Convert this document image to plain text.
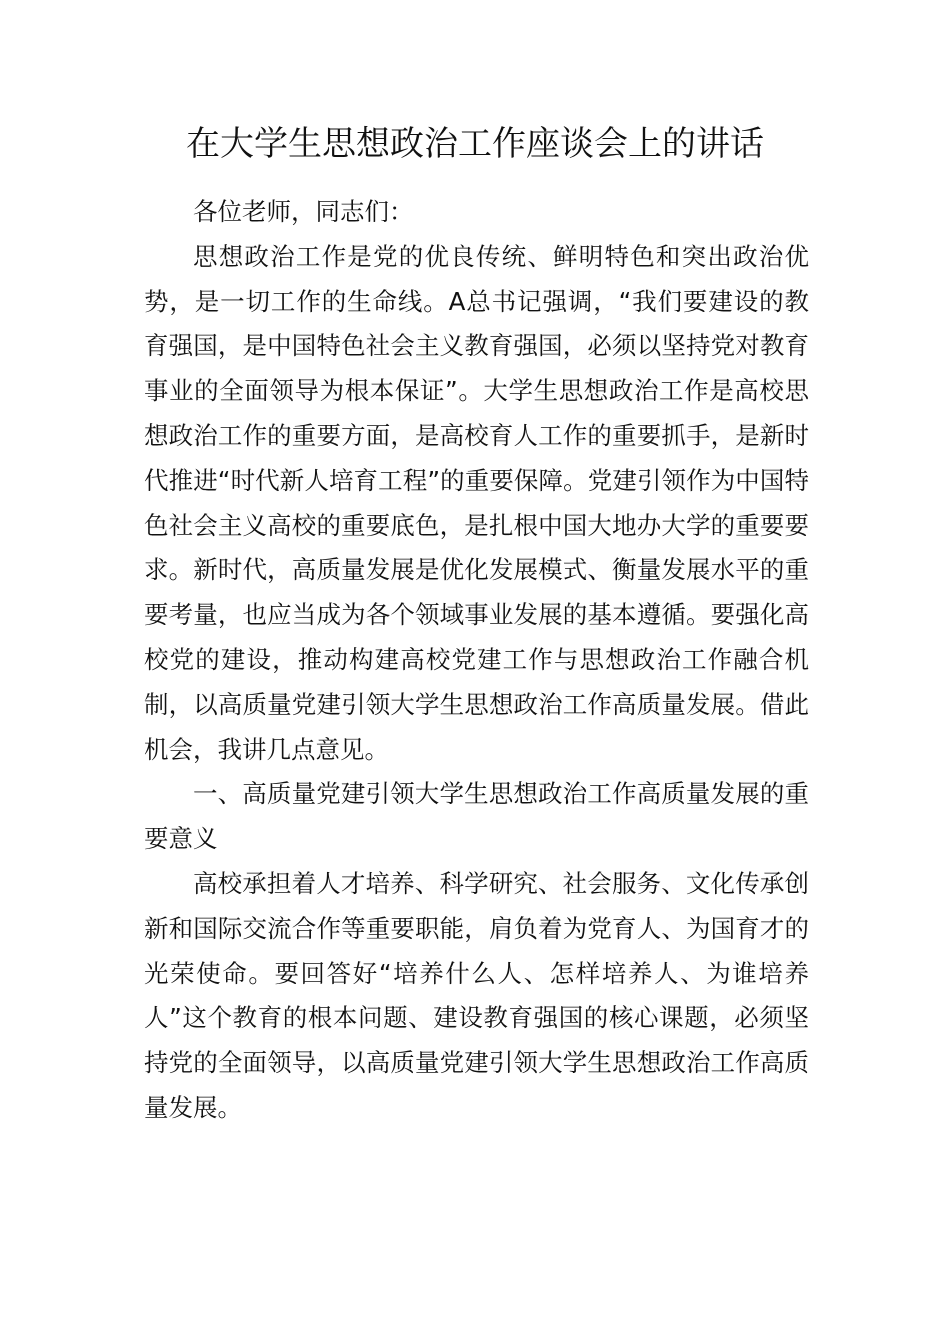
在大学生思想政治工作座谈会上的讲话

各位老师，同志们：

思想政治工作是党的优良传统、鲜明特色和突出政治优势，是一切工作的生命线。A总书记强调，“我们要建设的教育强国，是中国特色社会主义教育强国，必须以坚持党对教育事业的全面领导为根本保证”。大学生思想政治工作是高校思想政治工作的重要方面，是高校育人工作的重要抓手，是新时代推进“时代新人培育工程”的重要保障。党建引领作为中国特色社会主义高校的重要底色，是扎根中国大地办大学的重要要求。新时代，高质量发展是优化发展模式、衡量发展水平的重要考量，也应当成为各个领域事业发展的基本遵循。要强化高校党的建设，推动构建高校党建工作与思想政治工作融合机制，以高质量党建引领大学生思想政治工作高质量发展。借此机会，我讲几点意见。

一、高质量党建引领大学生思想政治工作高质量发展的重要意义

高校承担着人才培养、科学研究、社会服务、文化传承创新和国际交流合作等重要职能，肩负着为党育人、为国育才的光荣使命。要回答好“培养什么人、怎样培养人、为谁培养人”这个教育的根本问题、建设教育强国的核心课题，必须坚持党的全面领导，以高质量党建引领大学生思想政治工作高质量发展。
